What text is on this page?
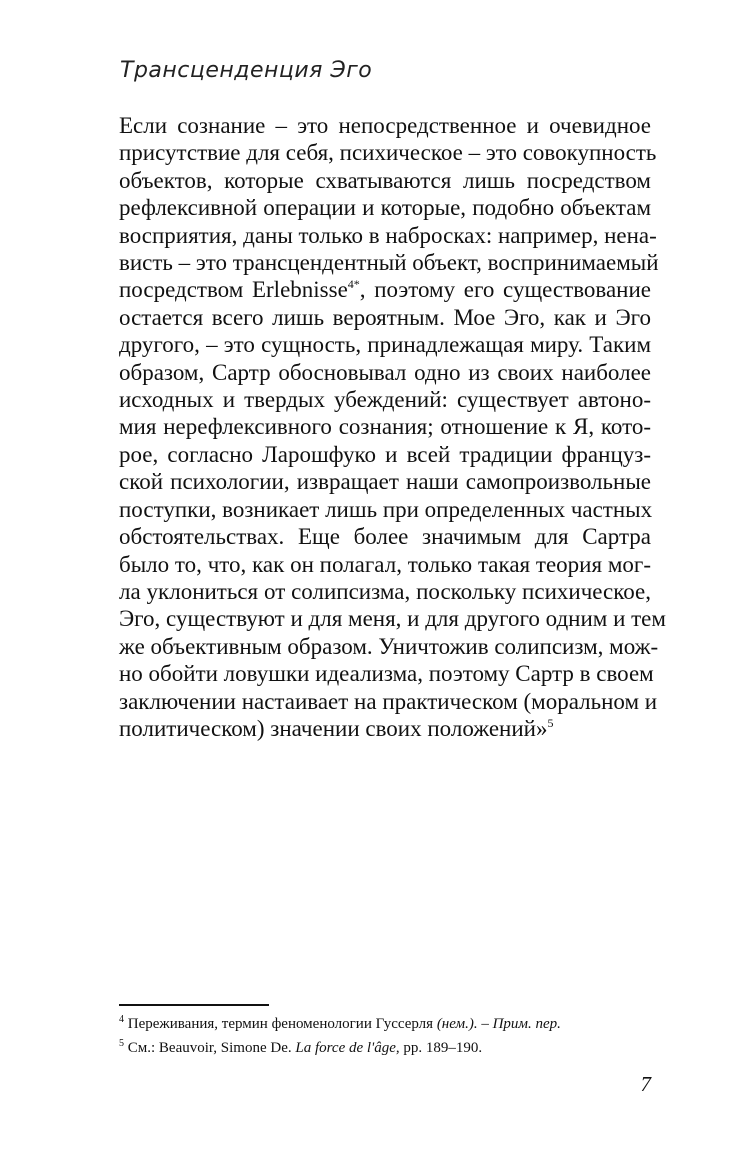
Трансценденция Эго
Если сознание – это непосредственное и очевидное
присутствие для себя, психическое – это совокупность
объектов, которые схватываются лишь посредством
рефлексивной операции и которые, подобно объектам
восприятия, даны только в набросках: например, нена-
висть – это трансцендентный объект, воспринимаемый
посредством Erlebnisse$^{4*}$, поэтому его существование
остается всего лишь вероятным. Мое Эго, как и Эго
другого, – это сущность, принадлежащая миру. Таким
образом, Сартр обосновывал одно из своих наиболее
исходных и твердых убеждений: существует автоно-
мия нерефлексивного сознания; отношение к Я, кото-
рое, согласно Ларошфуко и всей традиции француз-
ской психологии, извращает наши самопроизвольные
поступки, возникает лишь при определенных частных
обстоятельствах. Еще более значимым для Сартра
было то, что, как он полагал, только такая теория мог-
ла уклониться от солипсизма, поскольку психическое,
Эго, существуют и для меня, и для другого одним и тем
же объективным образом. Уничтожив солипсизм, мож-
но обойти ловушки идеализма, поэтому Сартр в своем
заключении настаивает на практическом (моральном и
политическом) значении своих положений»$^5$
$^4$ Переживания, термин феноменологии Гуссерля (нем.). – Прим. пер.
$^5$ См.: Beauvoir, Simone De. La force de l'âge, pp. 189–190.
7
